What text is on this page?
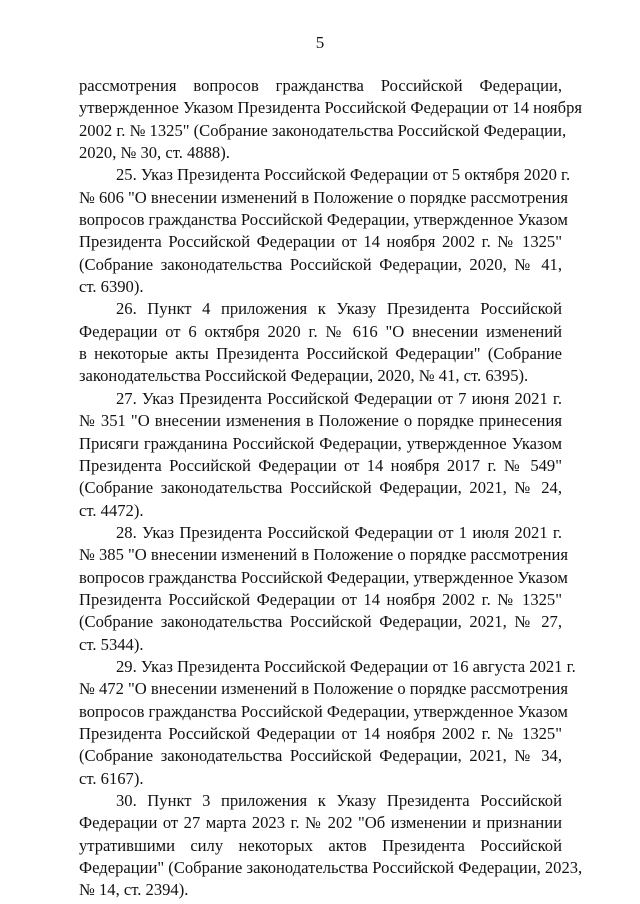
5
рассмотрения вопросов гражданства Российской Федерации,
утвержденное Указом Президента Российской Федерации от 14 ноября
2002 г. № 1325" (Собрание законодательства Российской Федерации,
2020, № 30, ст. 4888).
25. Указ Президента Российской Федерации от 5 октября 2020 г.
№ 606 "О внесении изменений в Положение о порядке рассмотрения
вопросов гражданства Российской Федерации, утвержденное Указом
Президента Российской Федерации от 14 ноября 2002 г. № 1325"
(Собрание законодательства Российской Федерации, 2020, № 41,
ст. 6390).
26. Пункт 4 приложения к Указу Президента Российской
Федерации от 6 октября 2020 г. № 616 "О внесении изменений
в некоторые акты Президента Российской Федерации" (Собрание
законодательства Российской Федерации, 2020, № 41, ст. 6395).
27. Указ Президента Российской Федерации от 7 июня 2021 г.
№ 351 "О внесении изменения в Положение о порядке принесения
Присяги гражданина Российской Федерации, утвержденное Указом
Президента Российской Федерации от 14 ноября 2017 г. № 549"
(Собрание законодательства Российской Федерации, 2021, № 24,
ст. 4472).
28. Указ Президента Российской Федерации от 1 июля 2021 г.
№ 385 "О внесении изменений в Положение о порядке рассмотрения
вопросов гражданства Российской Федерации, утвержденное Указом
Президента Российской Федерации от 14 ноября 2002 г. № 1325"
(Собрание законодательства Российской Федерации, 2021, № 27,
ст. 5344).
29. Указ Президента Российской Федерации от 16 августа 2021 г.
№ 472 "О внесении изменений в Положение о порядке рассмотрения
вопросов гражданства Российской Федерации, утвержденное Указом
Президента Российской Федерации от 14 ноября 2002 г. № 1325"
(Собрание законодательства Российской Федерации, 2021, № 34,
ст. 6167).
30. Пункт 3 приложения к Указу Президента Российской
Федерации от 27 марта 2023 г. № 202 "Об изменении и признании
утратившими силу некоторых актов Президента Российской
Федерации" (Собрание законодательства Российской Федерации, 2023,
№ 14, ст. 2394).
